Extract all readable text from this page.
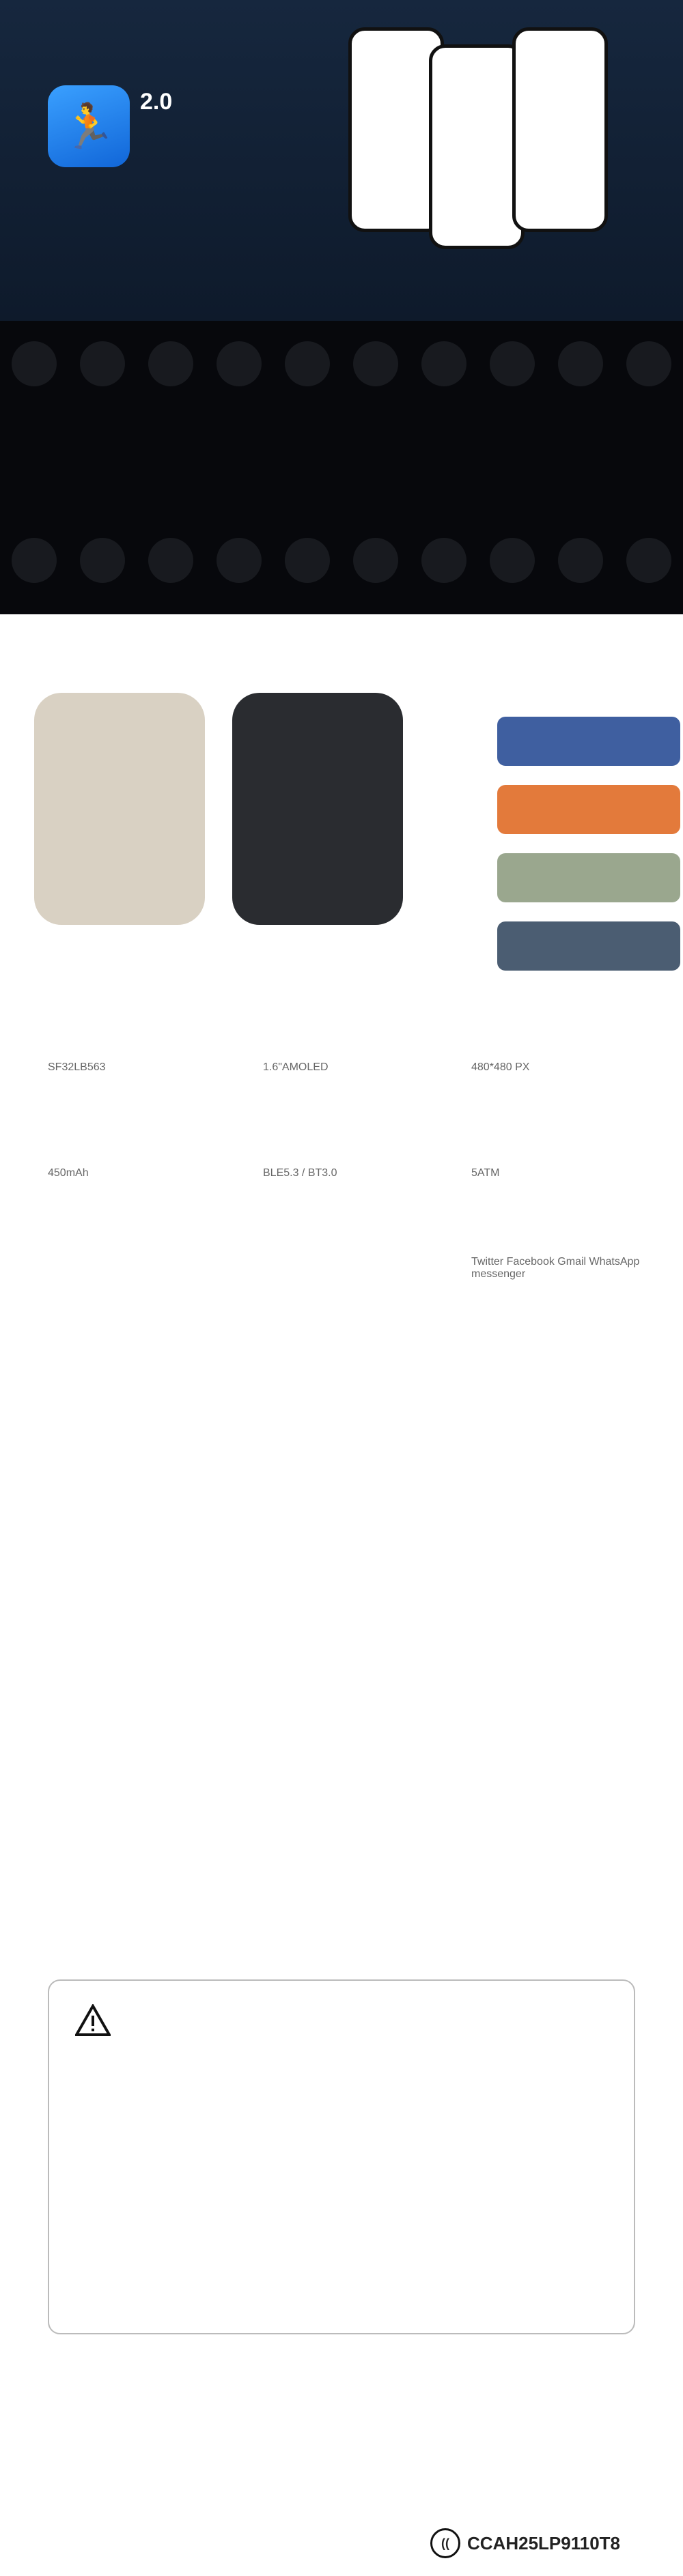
🏃	2.0
SF32LB563	1.6"AMOLED	480*480 PX
450mAh	BLE5.3 / BT3.0	5ATM
Twitter Facebook Gmail WhatsApp messenger
((	CCAH25LP9110T8
